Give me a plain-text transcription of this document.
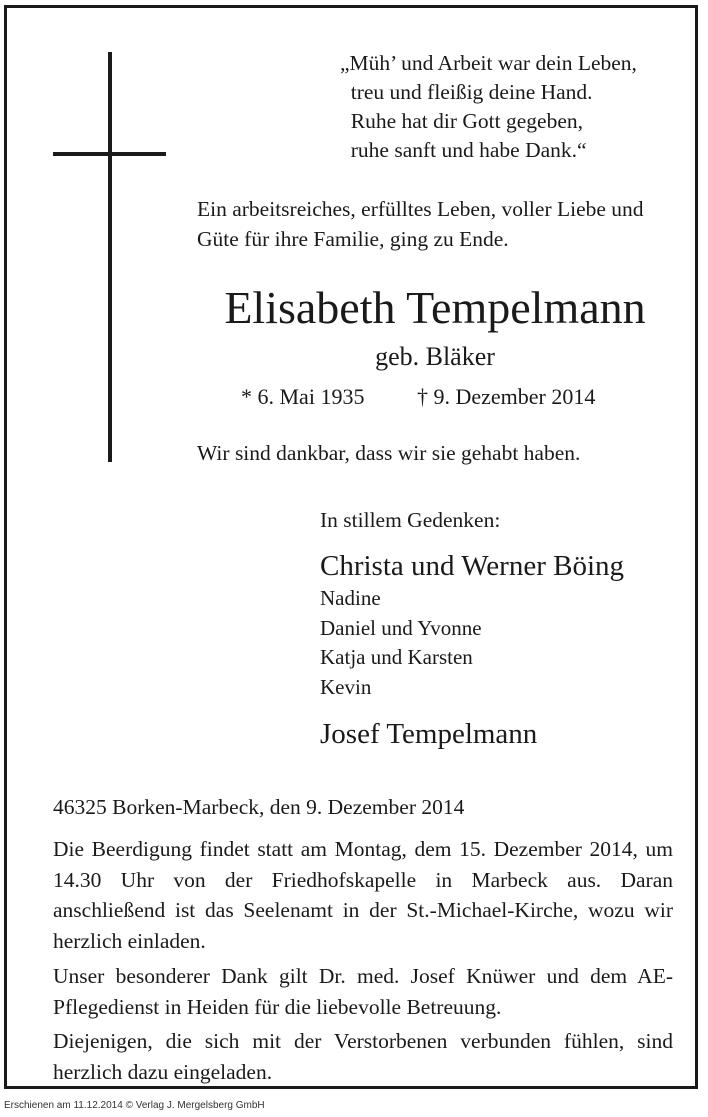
„Müh’ und Arbeit war dein Leben,
treu und fleißig deine Hand.
Ruhe hat dir Gott gegeben,
ruhe sanft und habe Dank.“
Ein arbeitsreiches, erfülltes Leben, voller Liebe und Güte für ihre Familie, ging zu Ende.
Elisabeth Tempelmann
geb. Bläker
* 6. Mai 1935 † 9. Dezember 2014
Wir sind dankbar, dass wir sie gehabt haben.
In stillem Gedenken:
Christa und Werner Böing
Nadine
Daniel und Yvonne
Katja und Karsten
Kevin
Josef Tempelmann
46325 Borken-Marbeck, den 9. Dezember 2014
Die Beerdigung findet statt am Montag, dem 15. Dezember 2014, um 14.30 Uhr von der Friedhofskapelle in Marbeck aus. Daran anschließend ist das Seelenamt in der St.-Michael-Kirche, wozu wir herzlich einladen.
Unser besonderer Dank gilt Dr. med. Josef Knüwer und dem AE-Pflegedienst in Heiden für die liebevolle Betreuung.
Diejenigen, die sich mit der Verstorbenen verbunden fühlen, sind herzlich dazu eingeladen.
Erschienen am 11.12.2014 © Verlag J. Mergelsberg GmbH
